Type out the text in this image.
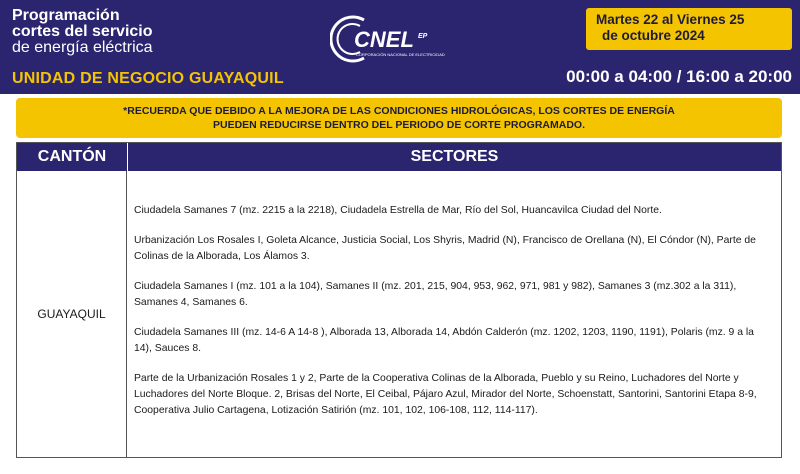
Programación
cortes del servicio
de energía eléctrica
UNIDAD DE NEGOCIO GUAYAQUIL
CNEL EP
CORPORACIÓN NACIONAL DE ELECTRICIDAD
Martes 22 al Viernes 25
de octubre 2024
00:00 a 04:00 / 16:00 a 20:00
*RECUERDA QUE DEBIDO A LA MEJORA DE LAS CONDICIONES HIDROLÓGICAS, LOS CORTES DE ENERGÍA
PUEDEN REDUCIRSE DENTRO DEL PERIODO DE CORTE PROGRAMADO.
CANTÓN	SECTORES
GUAYAQUIL

Ciudadela Samanes 7 (mz. 2215 a la 2218), Ciudadela Estrella de Mar, Río del Sol, Huancavilca Ciudad del Norte.

Urbanización Los Rosales I, Goleta Alcance, Justicia Social, Los Shyris, Madrid (N), Francisco de Orellana (N), El Cóndor (N), Parte de Colinas de la Alborada, Los Álamos 3.

Ciudadela Samanes I (mz. 101 a la 104), Samanes II (mz. 201, 215, 904, 953, 962, 971, 981 y 982), Samanes 3 (mz.302 a la 311), Samanes 4, Samanes 6.

Ciudadela Samanes III (mz. 14-6 A 14-8 ), Alborada 13, Alborada 14, Abdón Calderón (mz. 1202, 1203, 1190, 1191), Polaris (mz. 9 a la 14), Sauces 8.

Parte de la Urbanización Rosales 1 y 2, Parte de la Cooperativa Colinas de la Alborada, Pueblo y su Reino, Luchadores del Norte y Luchadores del Norte Bloque. 2, Brisas del Norte, El Ceibal, Pájaro Azul, Mirador del Norte, Schoenstatt, Santorini, Santorini Etapa 8-9, Cooperativa Julio Cartagena, Lotización Satirión (mz. 101, 102, 106-108, 112, 114-117).
